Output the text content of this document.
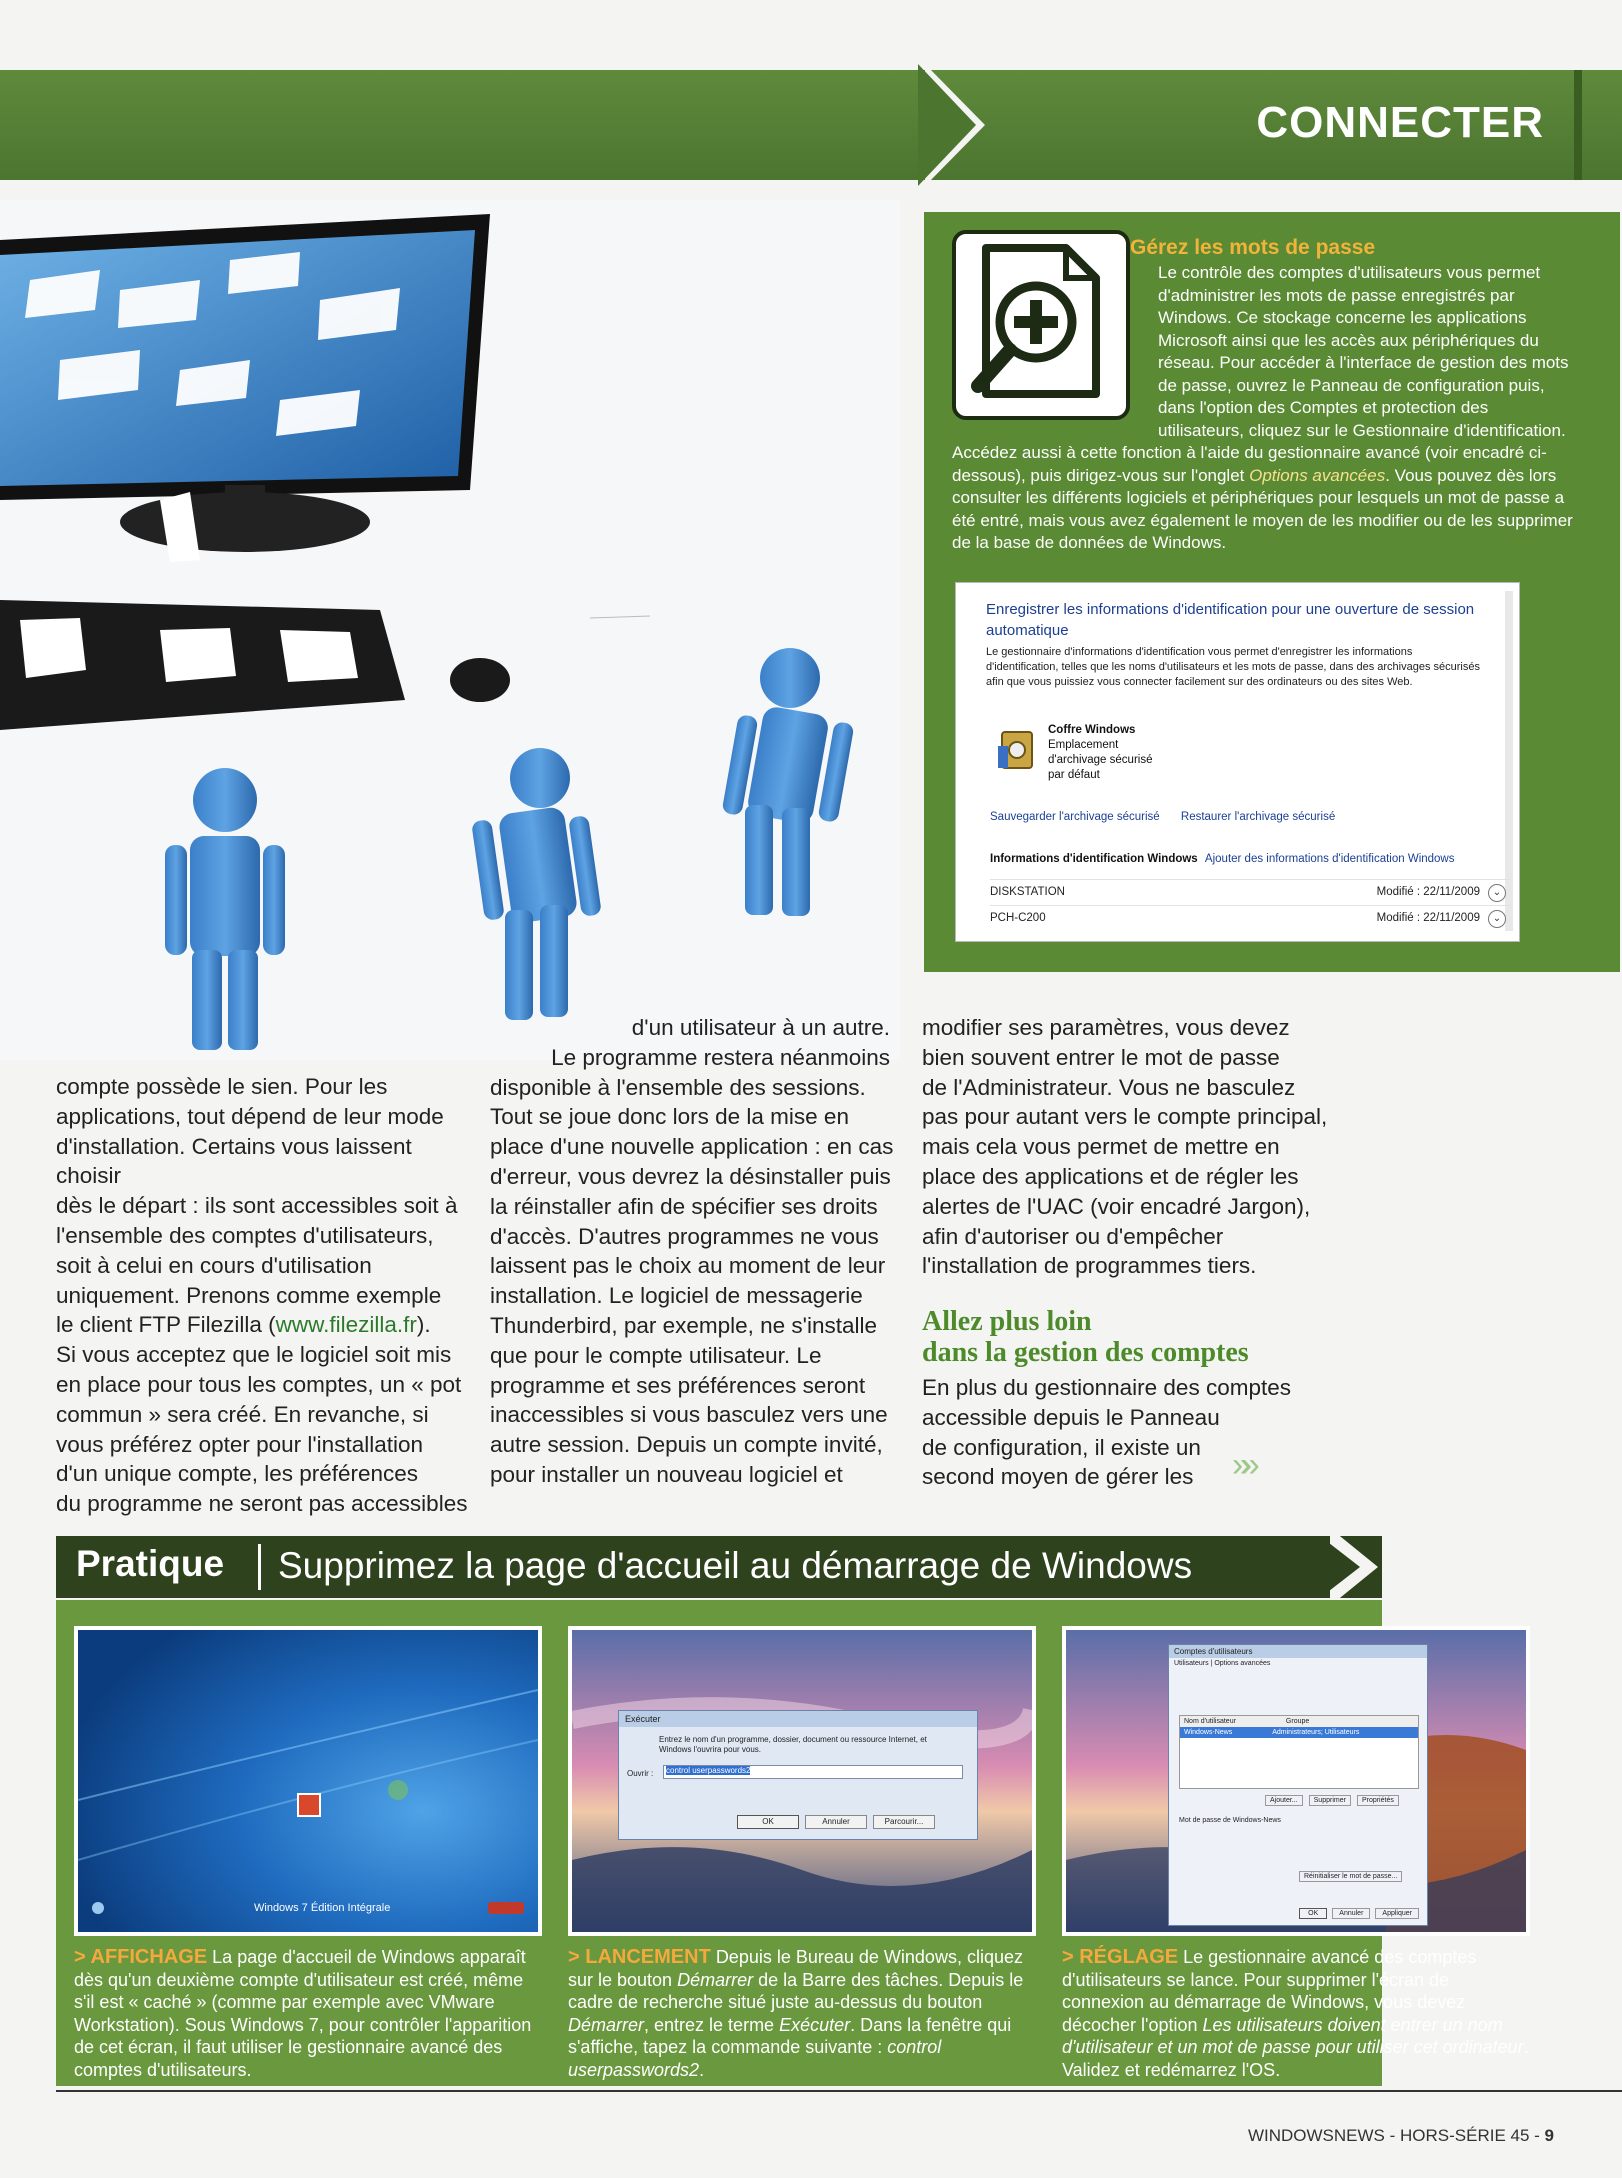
CONNECTER
Gérez les mots de passe
Le contrôle des comptes d'utilisateurs vous permet
d'administrer les mots de passe enregistrés par
Windows. Ce stockage concerne les applications
Microsoft ainsi que les accès aux périphériques du
réseau. Pour accéder à l'interface de gestion des mots
de passe, ouvrez le Panneau de configuration puis,
dans l'option des Comptes et protection des
utilisateurs, cliquez sur le Gestionnaire d'identification.
Accédez aussi à cette fonction à l'aide du gestionnaire avancé (voir encadré ci-dessous), puis dirigez-vous sur l'onglet Options avancées. Vous pouvez dès lors consulter les différents logiciels et périphériques pour lesquels un mot de passe a été entré, mais vous avez également le moyen de les modifier ou de les supprimer de la base de données de Windows.
Enregistrer les informations d'identification pour une ouverture de session automatique
Le gestionnaire d'informations d'identification vous permet d'enregistrer les informations d'identification, telles que les noms d'utilisateurs et les mots de passe, dans des archivages sécurisés afin que vous puissiez vous connecter facilement sur des ordinateurs ou des sites Web.
Coffre Windows
Emplacement
d'archivage sécurisé
par défaut
Sauvegarder l'archivage sécurisé Restaurer l'archivage sécurisé
Informations d'identification Windows Ajouter des informations d'identification Windows
DISKSTATION	Modifié : 22/11/2009	⌄
PCH-C200	Modifié : 22/11/2009	⌄
compte possède le sien. Pour les
applications, tout dépend de leur mode
d'installation. Certains vous laissent choisir
dès le départ : ils sont accessibles soit à
l'ensemble des comptes d'utilisateurs,
soit à celui en cours d'utilisation
uniquement. Prenons comme exemple
le client FTP Filezilla (www.filezilla.fr).
Si vous acceptez que le logiciel soit mis
en place pour tous les comptes, un « pot
commun » sera créé. En revanche, si
vous préférez opter pour l'installation
d'un unique compte, les préférences
du programme ne seront pas accessibles
d'un utilisateur à un autre.
Le programme restera néanmoins
disponible à l'ensemble des sessions.
Tout se joue donc lors de la mise en
place d'une nouvelle application : en cas
d'erreur, vous devrez la désinstaller puis
la réinstaller afin de spécifier ses droits
d'accès. D'autres programmes ne vous
laissent pas le choix au moment de leur
installation. Le logiciel de messagerie
Thunderbird, par exemple, ne s'installe
que pour le compte utilisateur. Le
programme et ses préférences seront
inaccessibles si vous basculez vers une
autre session. Depuis un compte invité,
pour installer un nouveau logiciel et
modifier ses paramètres, vous devez
bien souvent entrer le mot de passe
de l'Administrateur. Vous ne basculez
pas pour autant vers le compte principal,
mais cela vous permet de mettre en
place des applications et de régler les
alertes de l'UAC (voir encadré Jargon),
afin d'autoriser ou d'empêcher
l'installation de programmes tiers.
Allez plus loin
dans la gestion des comptes
En plus du gestionnaire des comptes
accessible depuis le Panneau
de configuration, il existe un
second moyen de gérer les	»»
Pratique Supprimez la page d'accueil au démarrage de Windows
Windows 7 Édition Intégrale
Exécuter
Entrez le nom d'un programme, dossier, document ou ressource Internet, et Windows l'ouvrira pour vous.
Ouvrir :	control userpasswords2
OK	Annuler	Parcourir...
Comptes d'utilisateurs
Utilisateurs | Options avancées
Nom d'utilisateur	Groupe
Windows-News	Administrateurs; Utilisateurs
Ajouter...	Supprimer	Propriétés
Mot de passe de Windows-News
Réinitialiser le mot de passe...
OK	Annuler	Appliquer
> AFFICHAGE La page d'accueil de Windows apparaît dès qu'un deuxième compte d'utilisateur est créé, même s'il est « caché » (comme par exemple avec VMware Workstation). Sous Windows 7, pour contrôler l'apparition de cet écran, il faut utiliser le gestionnaire avancé des comptes d'utilisateurs.
> LANCEMENT Depuis le Bureau de Windows, cliquez sur le bouton Démarrer de la Barre des tâches. Depuis le cadre de recherche situé juste au-dessus du bouton Démarrer, entrez le terme Exécuter. Dans la fenêtre qui s'affiche, tapez la commande suivante : control userpasswords2.
> RÉGLAGE Le gestionnaire avancé des comptes d'utilisateurs se lance. Pour supprimer l'écran de connexion au démarrage de Windows, vous devez décocher l'option Les utilisateurs doivent entrer un nom d'utilisateur et un mot de passe pour utiliser cet ordinateur. Validez et redémarrez l'OS.
WINDOWSNEWS - HORS-SÉRIE 45 - 9
